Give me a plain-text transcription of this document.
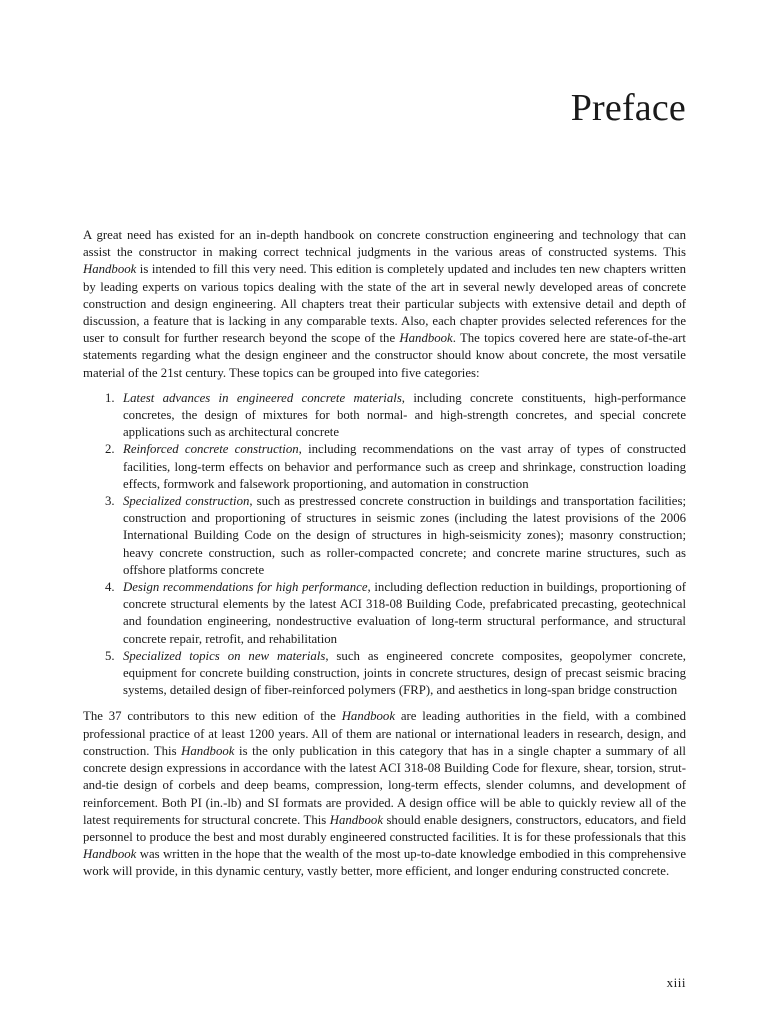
Preface

A great need has existed for an in-depth handbook on concrete construction engineering and technology that can assist the constructor in making correct technical judgments in the various areas of constructed systems. This Handbook is intended to fill this very need. This edition is completely updated and includes ten new chapters written by leading experts on various topics dealing with the state of the art in several newly developed areas of concrete construction and design engineering. All chapters treat their particular subjects with extensive detail and depth of discussion, a feature that is lacking in any comparable texts. Also, each chapter provides selected references for the user to consult for further research beyond the scope of the Handbook. The topics covered here are state-of-the-art statements regarding what the design engineer and the constructor should know about concrete, the most versatile material of the 21st century. These topics can be grouped into five categories:

1. Latest advances in engineered concrete materials, including concrete constituents, high-performance concretes, the design of mixtures for both normal- and high-strength concretes, and special concrete applications such as architectural concrete
2. Reinforced concrete construction, including recommendations on the vast array of types of constructed facilities, long-term effects on behavior and performance such as creep and shrinkage, construction loading effects, formwork and falsework proportioning, and automation in construction
3. Specialized construction, such as prestressed concrete construction in buildings and transportation facilities; construction and proportioning of structures in seismic zones (including the latest provisions of the 2006 International Building Code on the design of structures in high-seismicity zones); masonry construction; heavy concrete construction, such as roller-compacted concrete; and concrete marine structures, such as offshore platforms concrete
4. Design recommendations for high performance, including deflection reduction in buildings, proportioning of concrete structural elements by the latest ACI 318-08 Building Code, prefabricated precasting, geotechnical and foundation engineering, nondestructive evaluation of long-term structural performance, and structural concrete repair, retrofit, and rehabilitation
5. Specialized topics on new materials, such as engineered concrete composites, geopolymer concrete, equipment for concrete building construction, joints in concrete structures, design of precast seismic bracing systems, detailed design of fiber-reinforced polymers (FRP), and aesthetics in long-span bridge construction

The 37 contributors to this new edition of the Handbook are leading authorities in the field, with a combined professional practice of at least 1200 years. All of them are national or international leaders in research, design, and construction. This Handbook is the only publication in this category that has in a single chapter a summary of all concrete design expressions in accordance with the latest ACI 318-08 Building Code for flexure, shear, torsion, strut-and-tie design of corbels and deep beams, compression, long-term effects, slender columns, and development of reinforcement. Both PI (in.-lb) and SI formats are provided. A design office will be able to quickly review all of the latest requirements for structural concrete. This Handbook should enable designers, constructors, educators, and field personnel to produce the best and most durably engineered constructed facilities. It is for these professionals that this Handbook was written in the hope that the wealth of the most up-to-date knowledge embodied in this comprehensive work will provide, in this dynamic century, vastly better, more efficient, and longer enduring constructed concrete.

xiii
